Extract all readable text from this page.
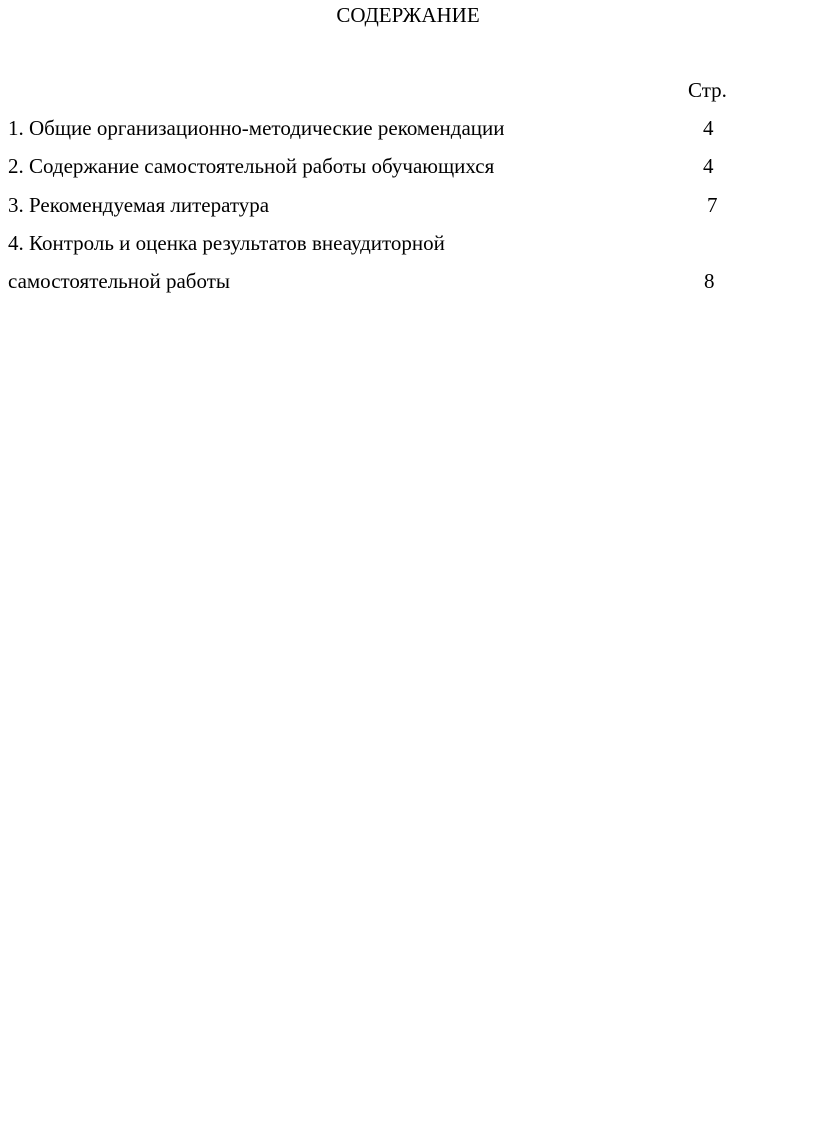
СОДЕРЖАНИЕ
Стр.
1. Общие организационно-методические рекомендации	4
2. Содержание самостоятельной работы обучающихся	4
3. Рекомендуемая литература	7
4. Контроль и оценка результатов внеаудиторной
самостоятельной работы	8
